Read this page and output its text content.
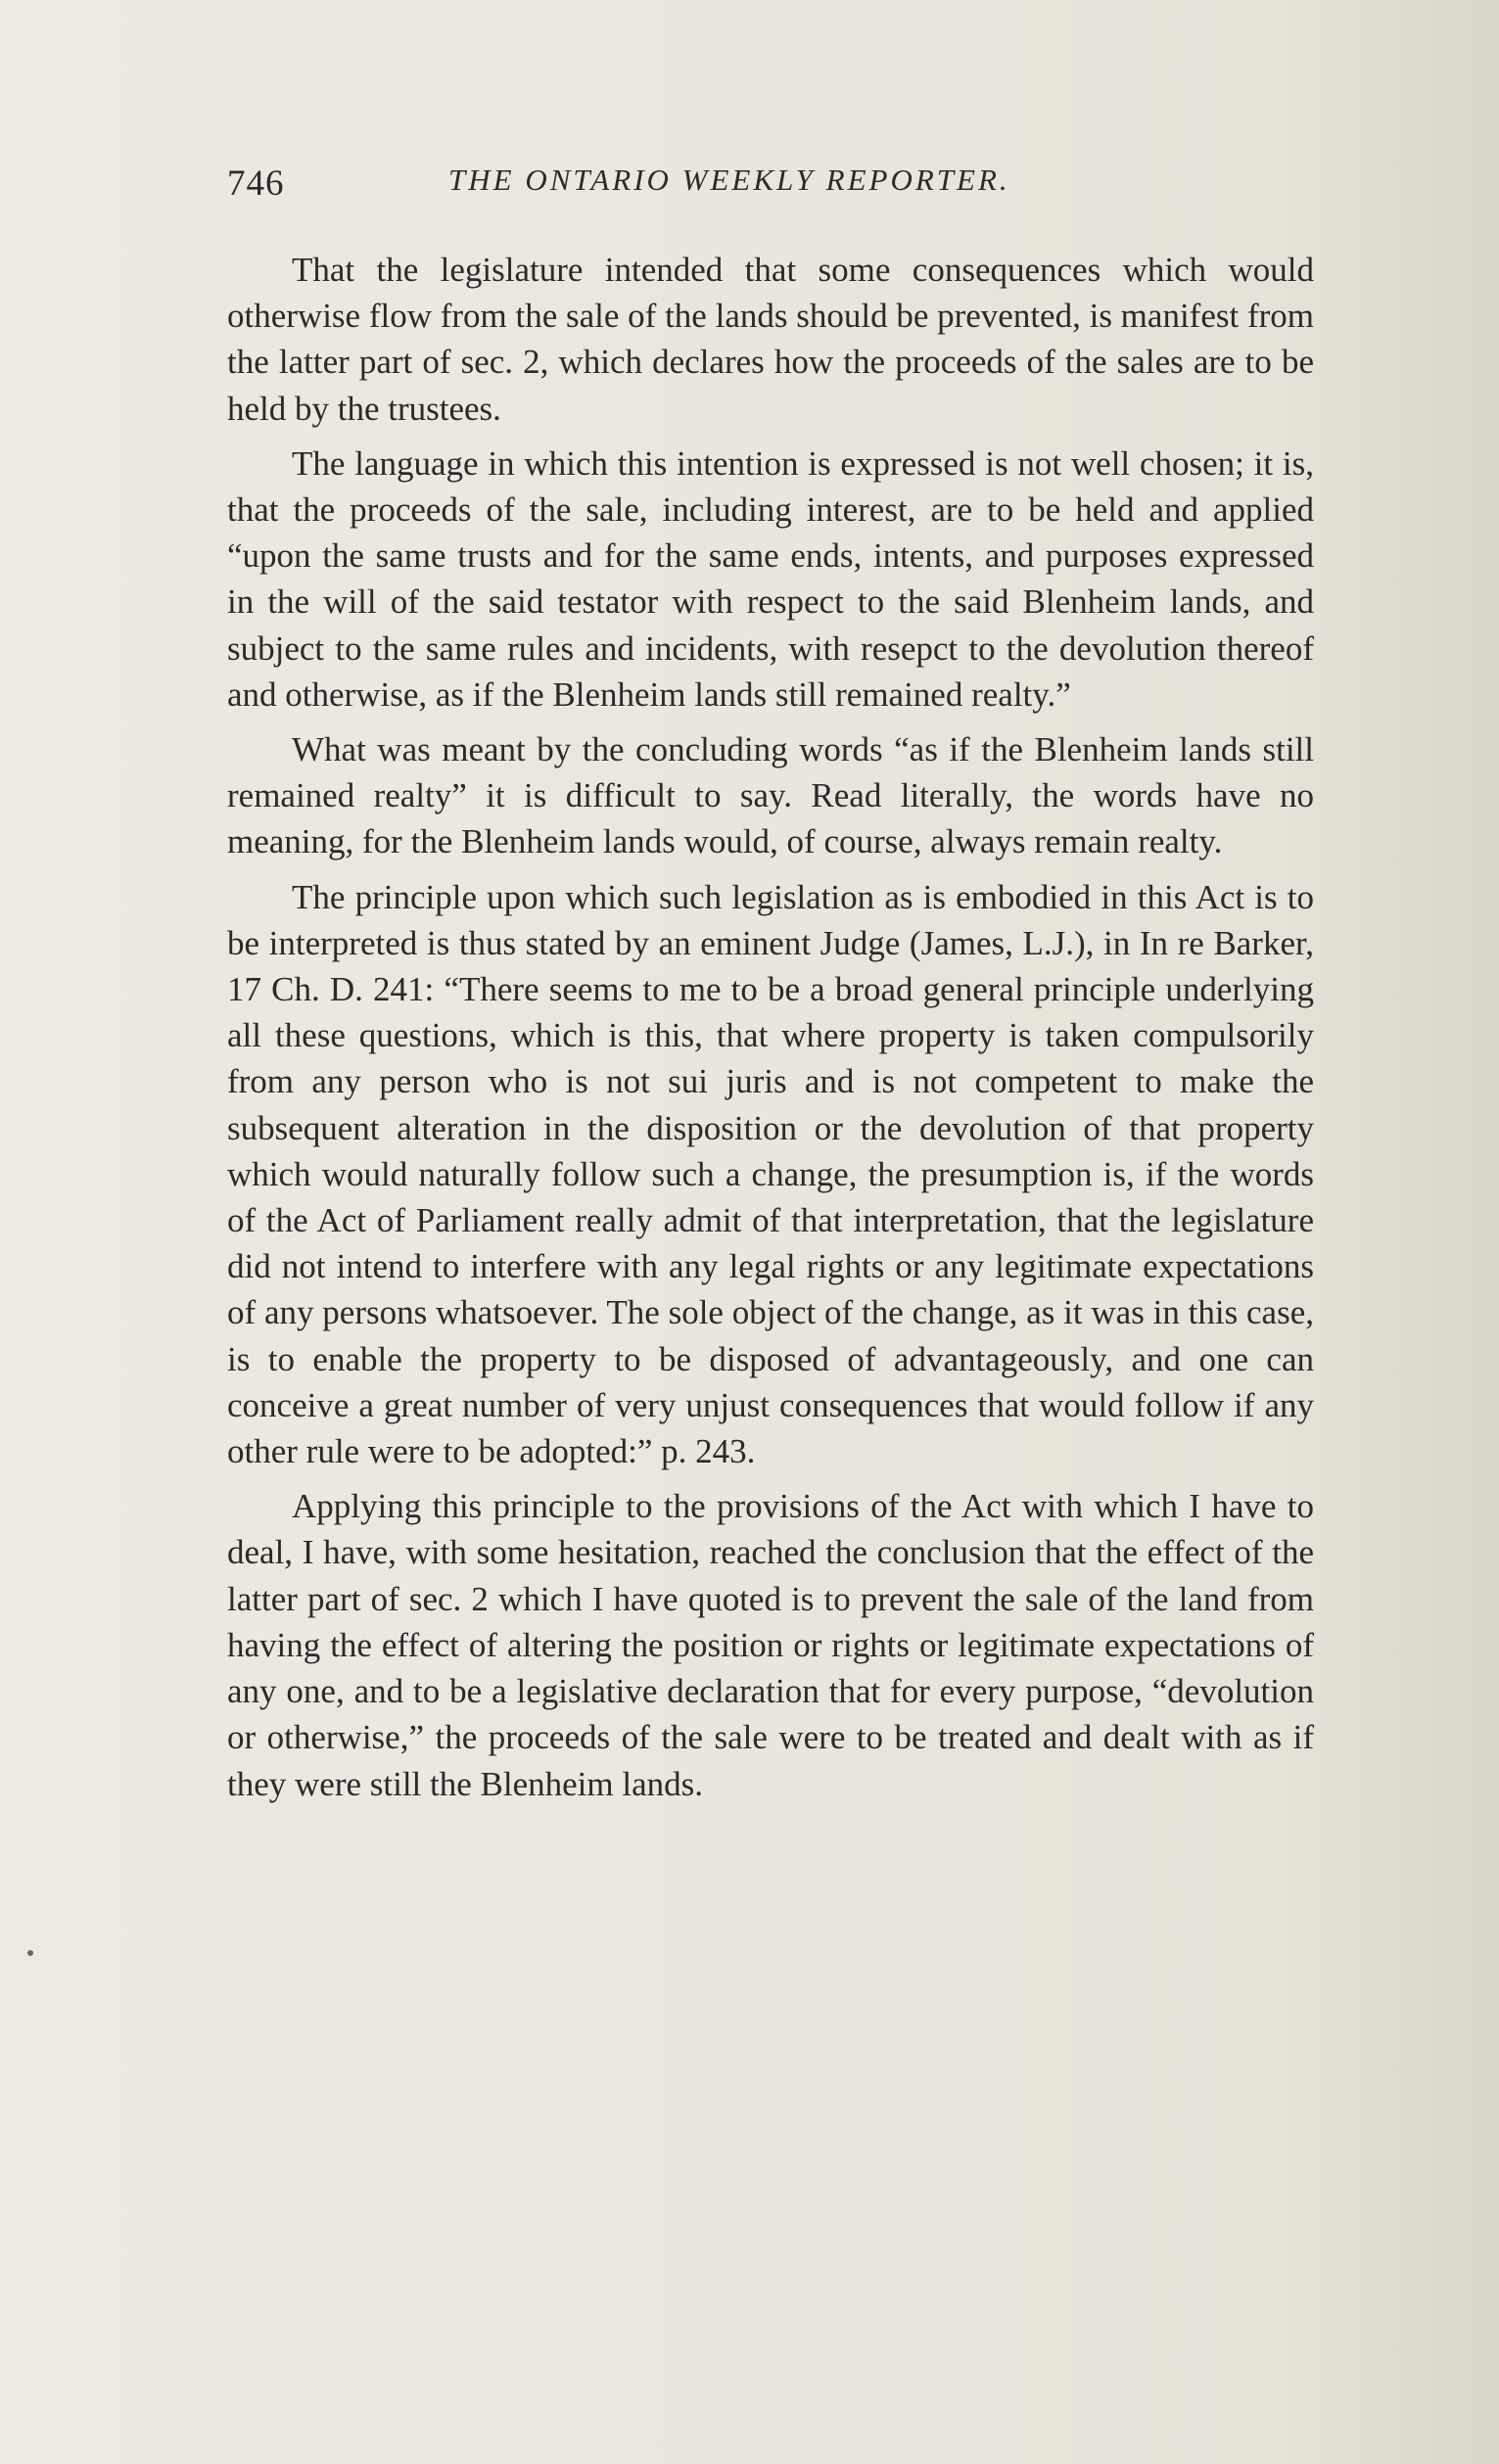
746	THE ONTARIO WEEKLY REPORTER.

That the legislature intended that some consequences which would otherwise flow from the sale of the lands should be prevented, is manifest from the latter part of sec. 2, which declares how the proceeds of the sales are to be held by the trustees.

The language in which this intention is expressed is not well chosen; it is, that the proceeds of the sale, including interest, are to be held and applied “upon the same trusts and for the same ends, intents, and purposes expressed in the will of the said testator with respect to the said Blenheim lands, and subject to the same rules and incidents, with resepct to the devolution thereof and otherwise, as if the Blenheim lands still remained realty.”

What was meant by the concluding words “as if the Blenheim lands still remained realty” it is difficult to say. Read literally, the words have no meaning, for the Blenheim lands would, of course, always remain realty.

The principle upon which such legislation as is embodied in this Act is to be interpreted is thus stated by an eminent Judge (James, L.J.), in In re Barker, 17 Ch. D. 241: “There seems to me to be a broad general principle underlying all these questions, which is this, that where property is taken compulsorily from any person who is not sui juris and is not competent to make the subsequent alteration in the disposition or the devolution of that property which would naturally follow such a change, the presumption is, if the words of the Act of Parliament really admit of that interpretation, that the legislature did not intend to interfere with any legal rights or any legitimate expectations of any persons whatsoever. The sole object of the change, as it was in this case, is to enable the property to be disposed of advantageously, and one can conceive a great number of very unjust consequences that would follow if any other rule were to be adopted:” p. 243.

Applying this principle to the provisions of the Act with which I have to deal, I have, with some hesitation, reached the conclusion that the effect of the latter part of sec. 2 which I have quoted is to prevent the sale of the land from having the effect of altering the position or rights or legitimate expectations of any one, and to be a legislative declaration that for every purpose, “devolution or otherwise,” the proceeds of the sale were to be treated and dealt with as if they were still the Blenheim lands.
